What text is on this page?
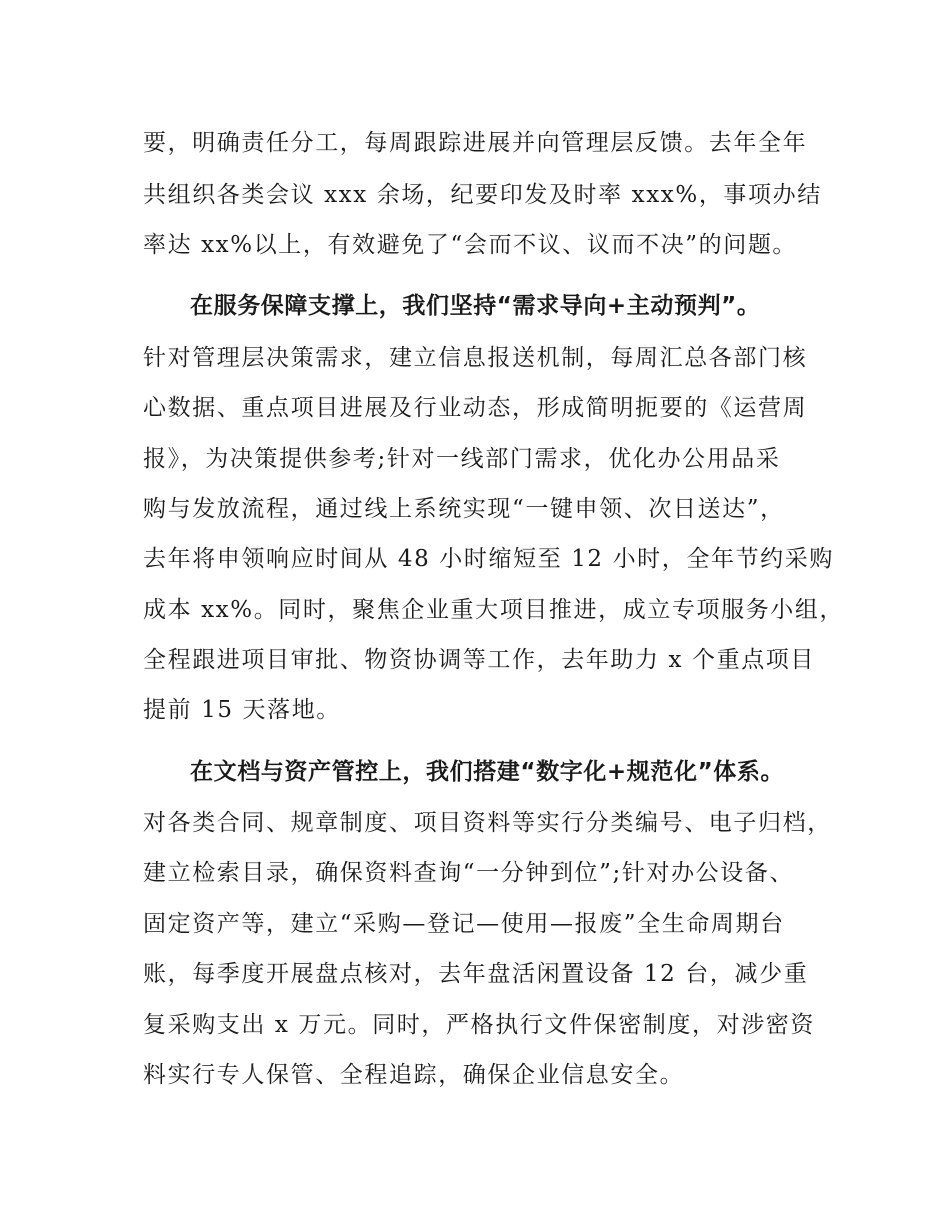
要，明确责任分工，每周跟踪进展并向管理层反馈。去年全年
共组织各类会议 xxx 余场，纪要印发及时率 xxx%，事项办结
率达 xx%以上，有效避免了“会而不议、议而不决”的问题。
在服务保障支撑上，我们坚持“需求导向+主动预判”。
针对管理层决策需求，建立信息报送机制，每周汇总各部门核
心数据、重点项目进展及行业动态，形成简明扼要的《运营周
报》，为决策提供参考;针对一线部门需求，优化办公用品采
购与发放流程，通过线上系统实现“一键申领、次日送达”，
去年将申领响应时间从 48 小时缩短至 12 小时，全年节约采购
成本 xx%。同时，聚焦企业重大项目推进，成立专项服务小组，
全程跟进项目审批、物资协调等工作，去年助力 x 个重点项目
提前 15 天落地。
在文档与资产管控上，我们搭建“数字化+规范化”体系。
对各类合同、规章制度、项目资料等实行分类编号、电子归档，
建立检索目录，确保资料查询“一分钟到位”;针对办公设备、
固定资产等，建立“采购—登记—使用—报废”全生命周期台
账，每季度开展盘点核对，去年盘活闲置设备 12 台，减少重
复采购支出 x 万元。同时，严格执行文件保密制度，对涉密资
料实行专人保管、全程追踪，确保企业信息安全。
